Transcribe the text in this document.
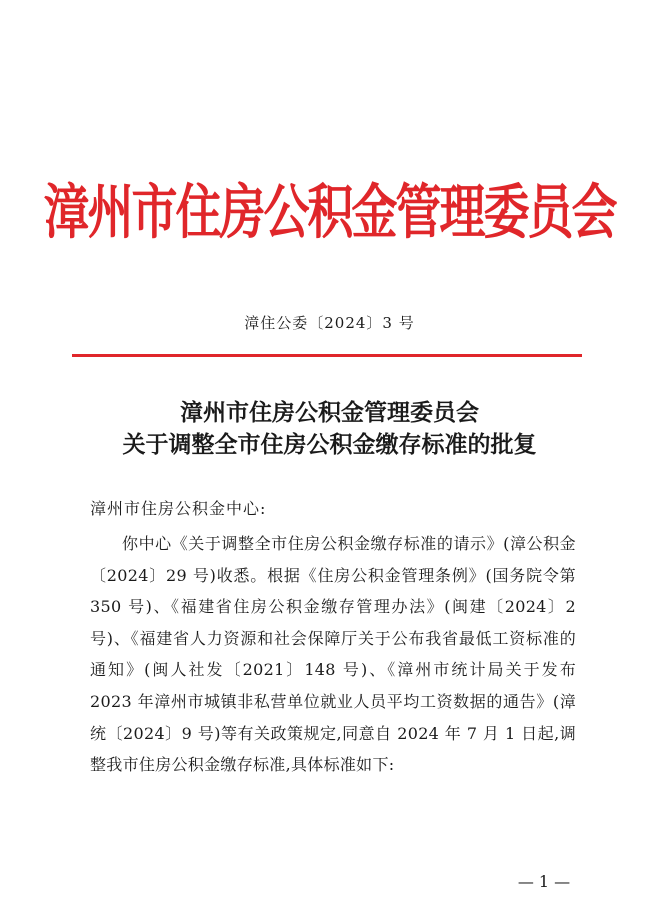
漳州市住房公积金管理委员会
漳住公委〔2024〕3 号
漳州市住房公积金管理委员会
关于调整全市住房公积金缴存标准的批复
漳州市住房公积金中心:
你中心《关于调整全市住房公积金缴存标准的请示》(漳公积金〔2024〕29 号)收悉。根据《住房公积金管理条例》(国务院令第 350 号)、《福建省住房公积金缴存管理办法》(闽建〔2024〕2 号)、《福建省人力资源和社会保障厅关于公布我省最低工资标准的通知》(闽人社发〔2021〕148 号)、《漳州市统计局关于发布 2023 年漳州市城镇非私营单位就业人员平均工资数据的通告》(漳统〔2024〕9 号)等有关政策规定,同意自 2024 年 7 月 1 日起,调整我市住房公积金缴存标准,具体标准如下:
— 1 —
